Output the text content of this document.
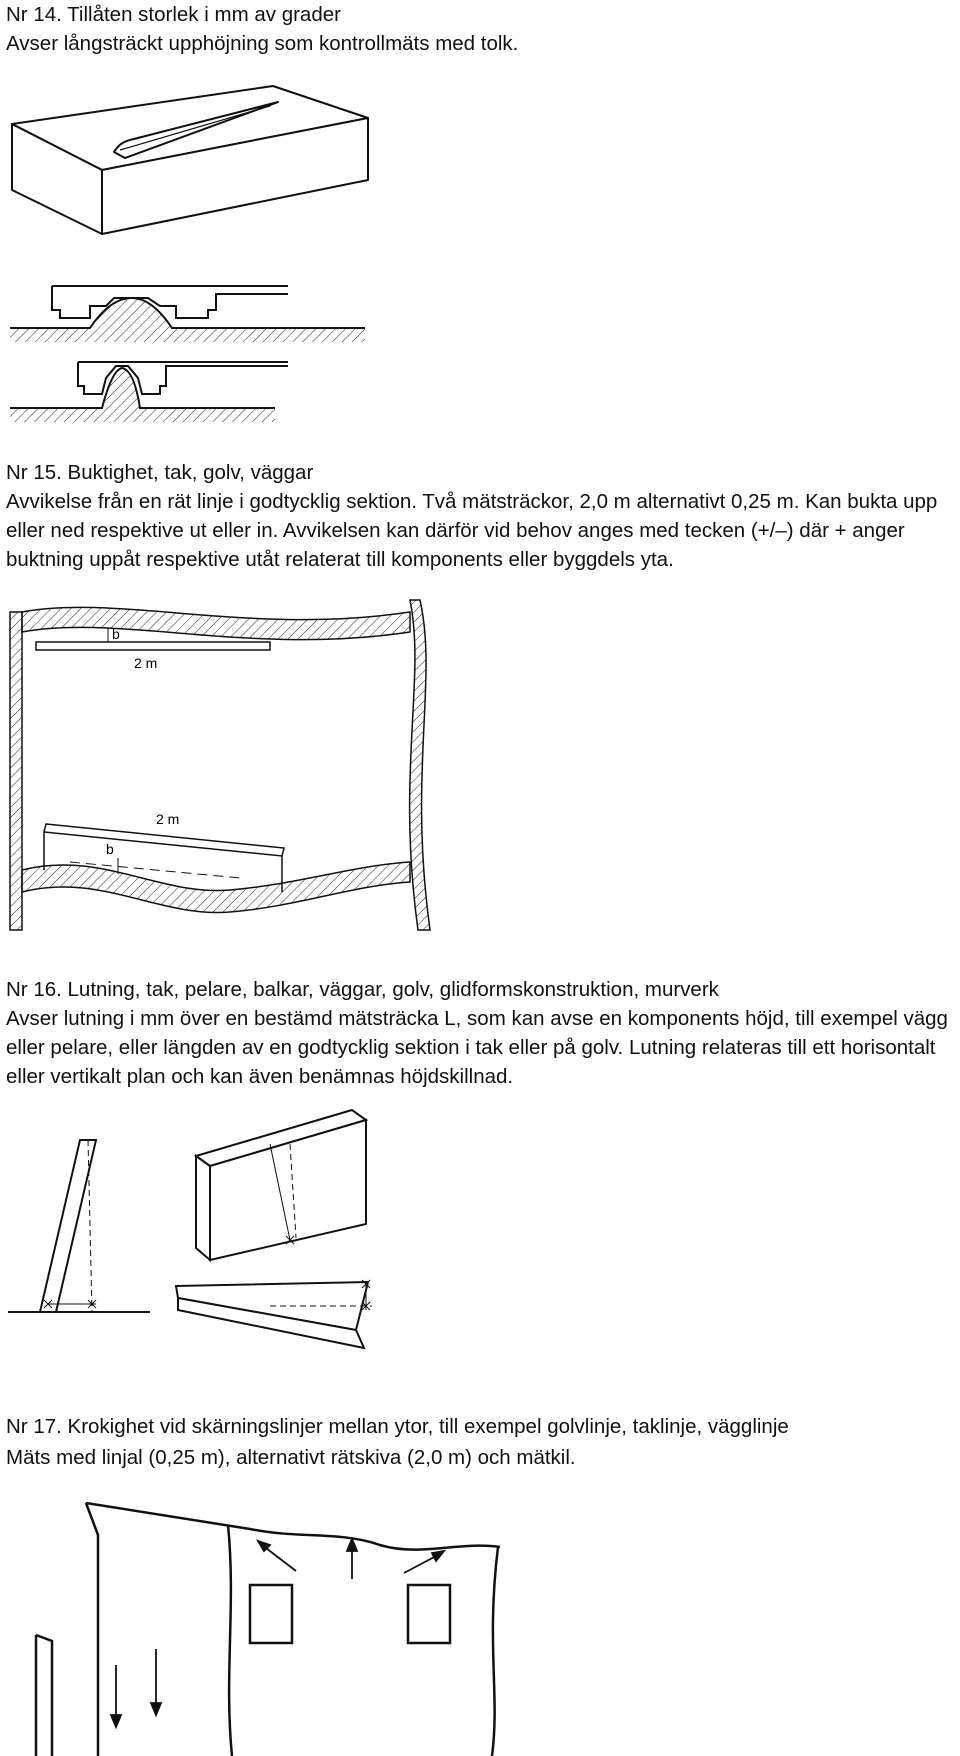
Nr 14. Tillåten storlek i mm av grader
Avser långsträckt upphöjning som kontrollmäts med tolk.
Nr 15. Buktighet, tak, golv, väggar
Avvikelse från en rät linje i godtycklig sektion. Två mätsträckor, 2,0 m alternativt 0,25 m. Kan bukta upp eller ned respektive ut eller in. Avvikelsen kan därför vid behov anges med tecken (+/–) där + anger buktning uppåt respektive utåt relaterat till komponents eller byggdels yta.
b
2 m
2 m
b
Nr 16. Lutning, tak, pelare, balkar, väggar, golv, glidformskonstruktion, murverk
Avser lutning i mm över en bestämd mätsträcka L, som kan avse en komponents höjd, till exempel vägg eller pelare, eller längden av en godtycklig sektion i tak eller på golv. Lutning relateras till ett horisontalt eller vertikalt plan och kan även benämnas höjdskillnad.
Nr 17. Krokighet vid skärningslinjer mellan ytor, till exempel golvlinje, taklinje, vägglinje
Mäts med linjal (0,25 m), alternativt rätskiva (2,0 m) och mätkil.
